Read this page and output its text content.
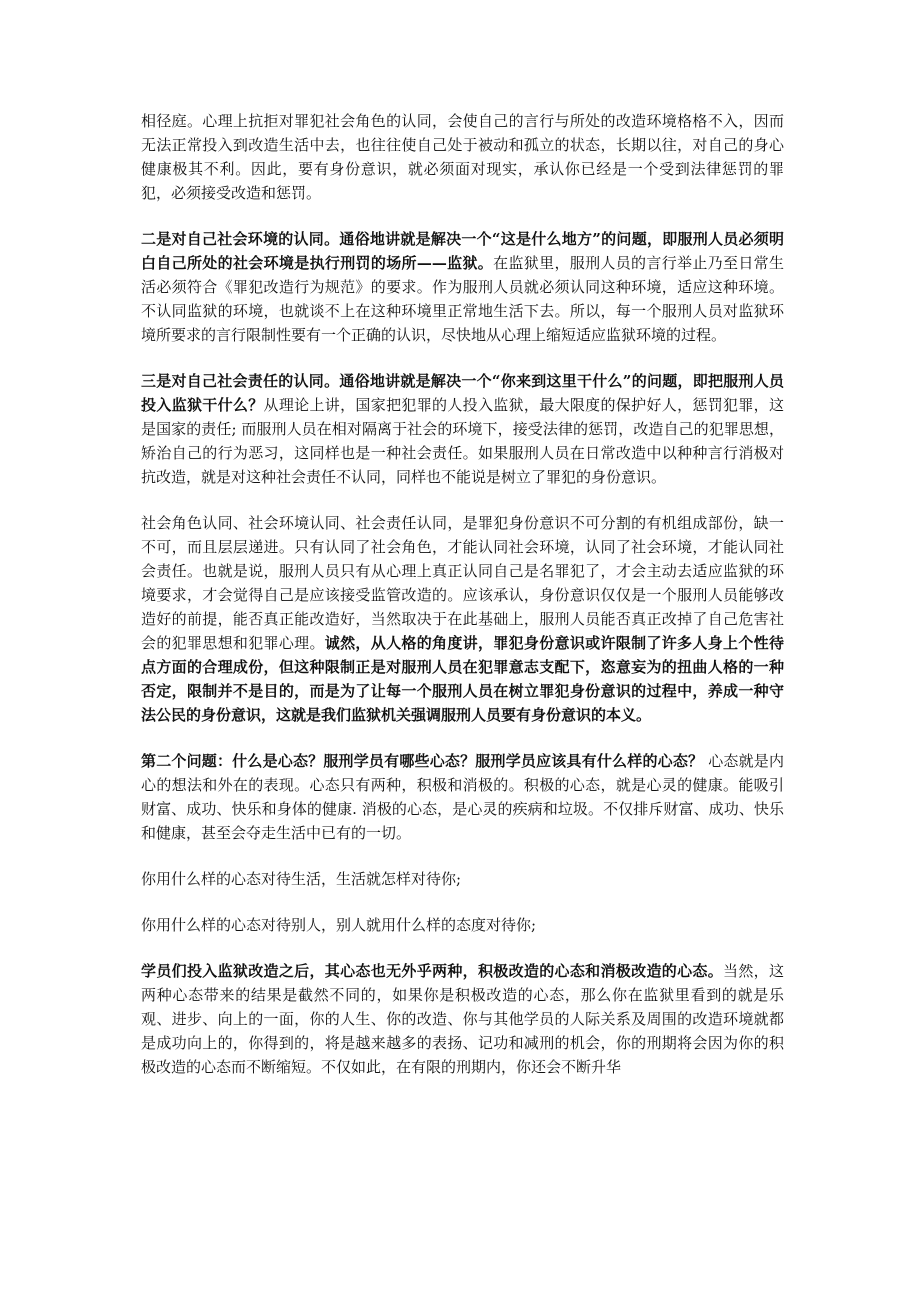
相径庭。心理上抗拒对罪犯社会角色的认同，会使自己的言行与所处的改造环境格格不入，因而无法正常投入到改造生活中去，也往往使自己处于被动和孤立的状态，长期以往，对自己的身心健康极其不利。因此，要有身份意识，就必须面对现实，承认你已经是一个受到法律惩罚的罪犯，必须接受改造和惩罚。

二是对自己社会环境的认同。通俗地讲就是解决一个“这是什么地方”的问题，即服刑人员必须明白自己所处的社会环境是执行刑罚的场所——监狱。在监狱里，服刑人员的言行举止乃至日常生活必须符合《罪犯改造行为规范》的要求。作为服刑人员就必须认同这种环境，适应这种环境。不认同监狱的环境，也就谈不上在这种环境里正常地生活下去。所以，每一个服刑人员对监狱环境所要求的言行限制性要有一个正确的认识，尽快地从心理上缩短适应监狱环境的过程。

三是对自己社会责任的认同。通俗地讲就是解决一个“你来到这里干什么”的问题，即把服刑人员投入监狱干什么？从理论上讲，国家把犯罪的人投入监狱，最大限度的保护好人，惩罚犯罪，这是国家的责任; 而服刑人员在相对隔离于社会的环境下，接受法律的惩罚，改造自己的犯罪思想，矫治自己的行为恶习，这同样也是一种社会责任。如果服刑人员在日常改造中以种种言行消极对抗改造，就是对这种社会责任不认同，同样也不能说是树立了罪犯的身份意识。

社会角色认同、社会环境认同、社会责任认同，是罪犯身份意识不可分割的有机组成部份，缺一不可，而且层层递进。只有认同了社会角色，才能认同社会环境，认同了社会环境，才能认同社会责任。也就是说，服刑人员只有从心理上真正认同自己是名罪犯了，才会主动去适应监狱的环境要求，才会觉得自己是应该接受监管改造的。应该承认，身份意识仅仅是一个服刑人员能够改造好的前提，能否真正能改造好，当然取决于在此基础上，服刑人员能否真正改掉了自己危害社会的犯罪思想和犯罪心理。诚然，从人格的角度讲，罪犯身份意识或许限制了许多人身上个性待点方面的合理成份，但这种限制正是对服刑人员在犯罪意志支配下，恣意妄为的扭曲人格的一种否定，限制并不是目的，而是为了让每一个服刑人员在树立罪犯身份意识的过程中，养成一种守法公民的身份意识，这就是我们监狱机关强调服刑人员要有身份意识的本义。

第二个问题：什么是心态？服刑学员有哪些心态？服刑学员应该具有什么样的心态？ 心态就是内心的想法和外在的表现。心态只有两种，积极和消极的。积极的心态，就是心灵的健康。能吸引财富、成功、快乐和身体的健康. 消极的心态，是心灵的疾病和垃圾。不仅排斥财富、成功、快乐和健康，甚至会夺走生活中已有的一切。

你用什么样的心态对待生活，生活就怎样对待你;

你用什么样的心态对待别人，别人就用什么样的态度对待你;

学员们投入监狱改造之后，其心态也无外乎两种，积极改造的心态和消极改造的心态。当然，这两种心态带来的结果是截然不同的，如果你是积极改造的心态，那么你在监狱里看到的就是乐观、进步、向上的一面，你的人生、你的改造、你与其他学员的人际关系及周围的改造环境就都是成功向上的，你得到的，将是越来越多的表扬、记功和减刑的机会，你的刑期将会因为你的积极改造的心态而不断缩短。不仅如此，在有限的刑期内，你还会不断升华
